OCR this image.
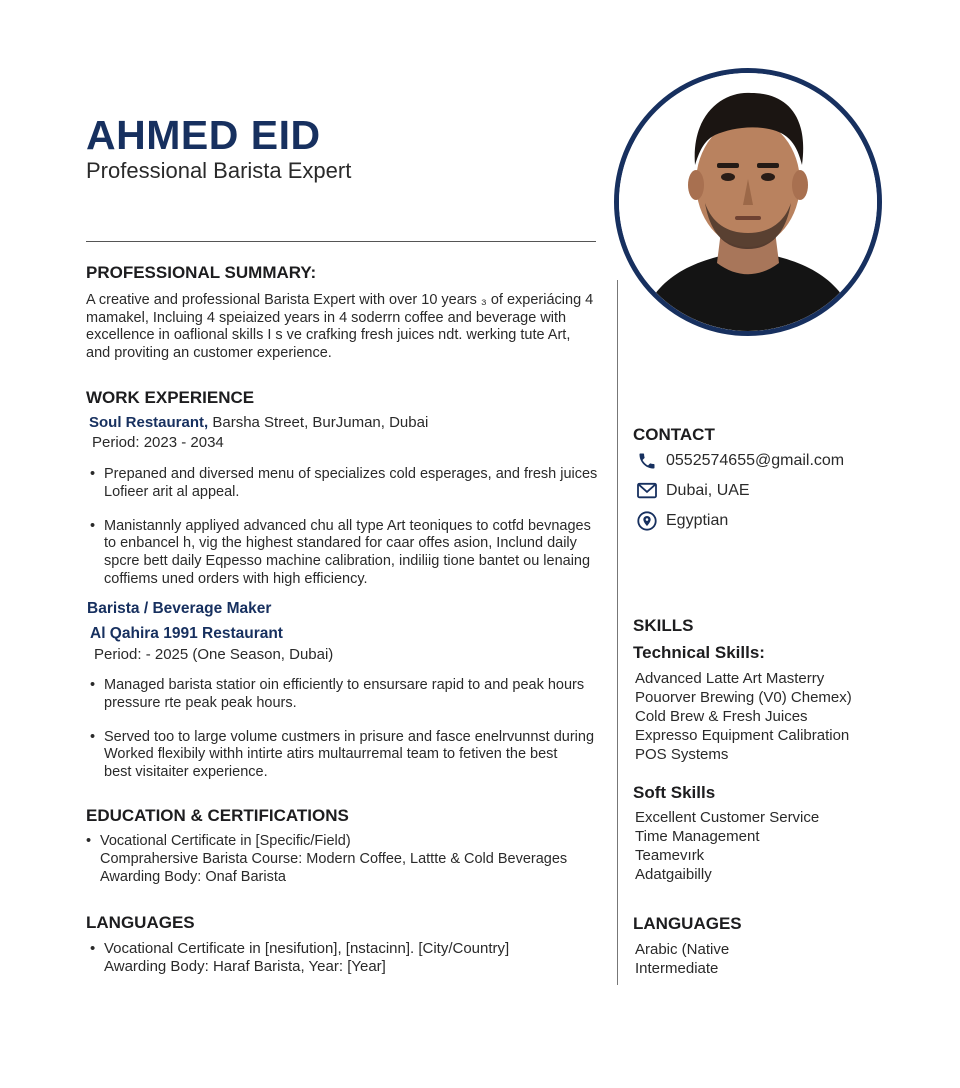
AHMED EID
Professional Barista Expert
PROFESSIONAL SUMMARY:
A creative and professional Barista Expert with over 10 years ₃ of experiácing 4
mamakel, Incluing 4 speiaized years in 4 soderrn coffee and beverage with
excellence in oaflional skills I s ve crafking fresh juices ndt. werking tute Art,
and proviting an customer experience.
WORK EXPERIENCE
Soul Restaurant, Barsha Street, BurJuman, Dubai
Period: 2023 - 2034
• Prepaned and diversed menu of specializes cold esperages, and fresh juices
Lofieer arit al appeal.
• Manistannly appliyed advanced chu all type Art teoniques to cotfd bevnages
to enbancel h, vig the highest standared for caar offes asion, Inclund daily
spcre bett daily Eqpesso machine calibration, indiliig tione bantet ou lenaing
coffiems uned orders with high efficiency.
Barista / Beverage Maker
Al Qahira 1991 Restaurant
Period: - 2025 (One Season, Dubai)
• Managed barista statior oin efficiently to ensursare rapid to and peak hours
pressure rte peak peak hours.
• Served too to large volume custmers in prisure and fasce enelrvunnst during
Worked flexibily withh intirte atirs multaurremal team to fetiven the best
best visitaiter experience.
EDUCATION & CERTIFICATIONS
• Vocational Certificate in [Specific/Field)
Comprahersive Barista Course: Modern Coffee, Lattte & Cold Beverages
Awarding Body: Onaf Barista
LANGUAGES
• Vocational Certificate in [nesifution], [nstacinn]. [City/Country]
Awarding Body: Haraf Barista, Year: [Year]
CONTACT
0552574655@gmail.com
Dubai, UAE
Egyptian
SKILLS
Technical Skills:
Advanced Latte Art Masterry
Pouorver Brewing (V0) Chemex)
Cold Brew & Fresh Juices
Expresso Equipment Calibration
POS Systems
Soft Skills
Excellent Customer Service
Time Management
Teamevırk
Adatgaibilly
LANGUAGES
Arabic (Native
Intermediate
